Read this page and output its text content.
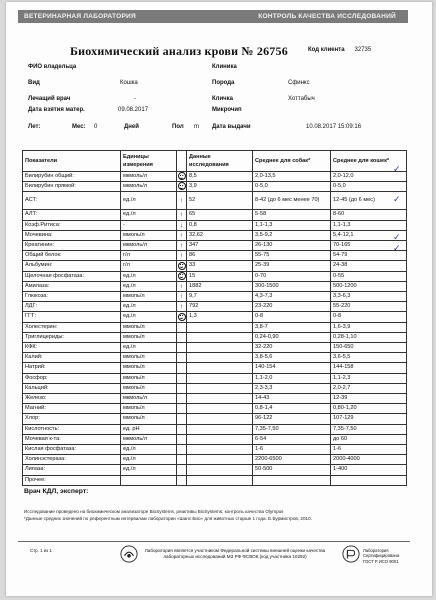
ВЕТЕРИНАРНАЯ ЛАБОРАТОРИЯ	КОНТРОЛЬ КАЧЕСТВА ИССЛЕДОВАНИЙ
Биохимический анализ крови № 26756	Код клиента 32735
ФИО владельца	Клиника
Вид	Кошка	Порода	Сфинкс
Лечащий врач	-	Кличка	Хоттабыч
Дата взятия матер.	09.08.2017	Микрочип
Лет:	Мес: 0	Дней	Пол m Дата выдачи	10.08.2017 15:09:16
Показатели	Единицы измерения		Данные исследования	Среднее для собак*	Среднее для кошек*
Билирубин общий:	мкмоль/л		8,5	2,0-13,5	2,0-12,0
Билирубин прямой:	мкмоль/л		3,9	0-5,0	0-5,0
АСТ:	ед./л	↑	52	8-42 (до 6 мес менее 70)	12-45 (до 6 мес)
АЛТ:	ед./л	↑	65	5-58	8-60
Коэф.Ритиса:	-	↓	0,8	1,1-1,3	1,1-1,3
Мочевина:	ммоль/л	↑	32,62	3,5-9,2	5,4-12,1
Креатинин:	мкмоль/л	↑	347	26-130	70-165
Общий белок:	г/л	↑	86	55-75	54-79
Альбумин:	г/л		33	25-39	24-38
Щелочная фосфатаза:	ед./л		15	0-70	0-55
Амилаза:	ед./л	↑	1882	300-1500	500-1200
Глюкоза:	ммоль/л	↑	9,7	4,3-7,3	3,3-6,3
ЛДГ:	ед./л	↑	792	23-220	55-220
ГГТ:	ед./л		1,3	0-8	0-8
Холестерин:	ммоль/л			3,8-7	1,6-3,9
Триглицериды:	ммоль/л			0,24-0,90	0,28-1,10
КФК:	ед./л			32-220	150-650
Калий:	ммоль/л			3,8-5,6	3,6-5,5
Натрий:	ммоль/л			140-154	144-158
Фосфор:	ммоль/л			1,1-2,0	1,1-2,3
Кальций:	ммоль/л			2,3-3,3	2,0-2,7
Железо:	мкмоль/л			14-43	12-39
Магний:	ммоль/л			0,8-1,4	0,80-1,20
Хлор:	ммоль/л			96-122	107-129
Кислотность:	ед. pH			7,35-7,50	7,35-7,50
Мочевая к-та:	мкмоль/л			6-54	до 60
Кислая фосфатаза:	ед./л			1-6	1-6
Холинэстераза:	ед./л			2200-6500	2000-4000
Липаза:	ед./л			50-500	1-400
Прочее:					
✓
✓
✓
✓
Врач КДЛ, эксперт:
Исследование проведено на биохимическом анализаторе BioSystems, реактивы BioSystems; контроль качества Olympus
*Данные средних значений по референтным интервалам лаборатории «Шанс Био» для животных старше 1 года. Е.Бурмистров, 2010.
Стр. 1 из 1	Лаборатория является участником Федеральной системы внешней оценки качества лабораторных исследований МЗ РФ ФСВОК (код участника 10292)
Лаборатория
Сертифицирована
ГОСТ Р ИСО 9001
